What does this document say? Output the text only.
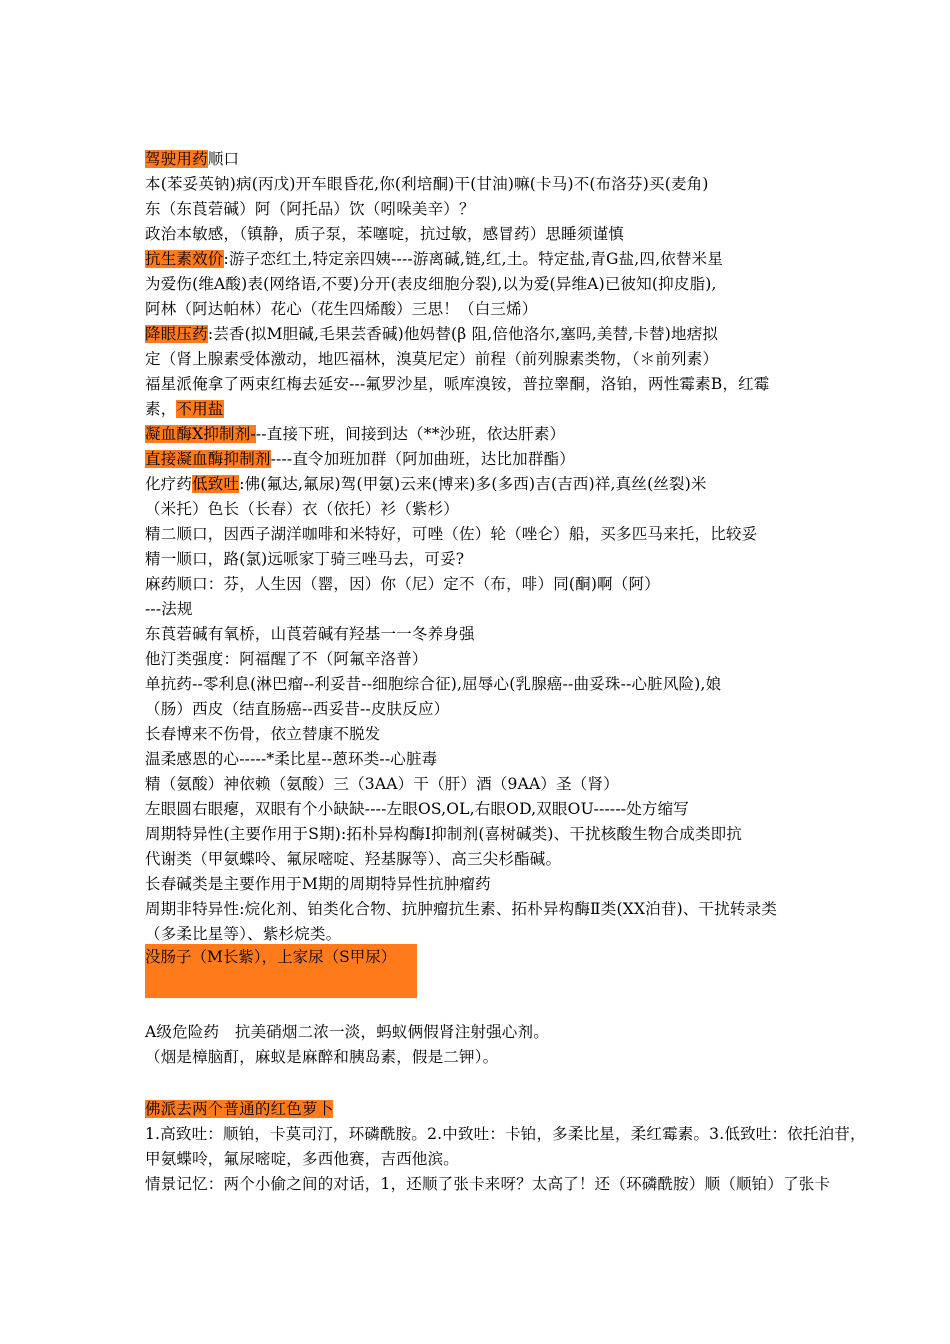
驾驶用药顺口
本(苯妥英钠)病(丙戊)开车眼昏花,你(利培酮)干(甘油)嘛(卡马)不(布洛芬)买(麦角)
东（东莨菪碱）阿（阿托品）饮（吲哚美辛）？
政治本敏感，（镇静，质子泵，苯噻啶，抗过敏，感冒药）思睡须谨慎
抗生素效价:游子恋红土,特定亲四姨----游离碱,链,红,土。特定盐,青G盐,四,依替米星
为爱伤(维A酸)表(网络语,不要)分开(表皮细胞分裂),以为爱(异维A)已彼知(抑皮脂),
阿林（阿达帕林）花心（花生四烯酸）三思！（白三烯）
降眼压药:芸香(拟M胆碱,毛果芸香碱)他妈替(β 阻,倍他洛尔,塞吗,美替,卡替)地痞拟
定（肾上腺素受体激动，地匹福林，溴莫尼定）前程（前列腺素类物，（＊前列素）
福星派俺拿了两束红梅去延安---氟罗沙星，哌库溴铵，普拉睾酮，洛铂，两性霉素B，红霉
素，不用盐
凝血酶X抑制剂---直接下班，间接到达（**沙班，依达肝素）
直接凝血酶抑制剂----直令加班加群（阿加曲班，达比加群酯）
化疗药低致吐:佛(氟达,氟尿)驾(甲氨)云来(博来)多(多西)吉(吉西)祥,真丝(丝裂)米
（米托）色长（长春）衣（依托）衫（紫杉）
精二顺口，因西子湖洋咖啡和米特好，可唑（佐）轮（唑仑）船，买多匹马来托，比较妥
精一顺口，路(氯)远哌家丁骑三唑马去，可妥?
麻药顺口：芬，人生因（罂，因）你（尼）定不（布，啡）同(酮)啊（阿）
---法规
东莨菪碱有氧桥，山莨菪碱有羟基一一冬养身强
他汀类强度：阿福醒了不（阿氟辛洛普）
单抗药--零利息(淋巴瘤--利妥昔--细胞综合征),屈辱心(乳腺癌--曲妥珠--心脏风险),娘
（肠）西皮（结直肠癌--西妥昔--皮肤反应）
长春博来不伤骨，依立替康不脱发
温柔感恩的心-----*柔比星--蒽环类--心脏毒
精（氨酸）神依赖（氨酸）三（3AA）干（肝）酒（9AA）圣（肾）
左眼圆右眼瘪，双眼有个小缺缺----左眼OS,OL,右眼OD,双眼OU------处方缩写
周期特异性(主要作用于S期):拓朴异构酶Ⅰ抑制剂(喜树碱类)、干扰核酸生物合成类即抗
代谢类（甲氨蝶呤、氟尿嘧啶、羟基脲等）、高三尖杉酯碱。
长春碱类是主要作用于M期的周期特异性抗肿瘤药
周期非特异性:烷化剂、铂类化合物、抗肿瘤抗生素、拓朴异构酶Ⅱ类(XX泊苷)、干扰转录类
（多柔比星等）、紫杉烷类。
没肠子（M长紫），上家尿（S甲尿）
A级危险药　抗美硝烟二浓一淡，蚂蚁俩假肾注射强心剂。
（烟是樟脑酊，麻蚁是麻醉和胰岛素，假是二钾）。
佛派去两个普通的红色萝卜
1.高致吐：顺铂，卡莫司汀，环磷酰胺。2.中致吐：卡铂，多柔比星，柔红霉素。3.低致吐：依托泊苷，
甲氨蝶呤，氟尿嘧啶，多西他赛，吉西他滨。
情景记忆：两个小偷之间的对话，1，还顺了张卡来呀？太高了！还（环磷酰胺）顺（顺铂）了张卡
